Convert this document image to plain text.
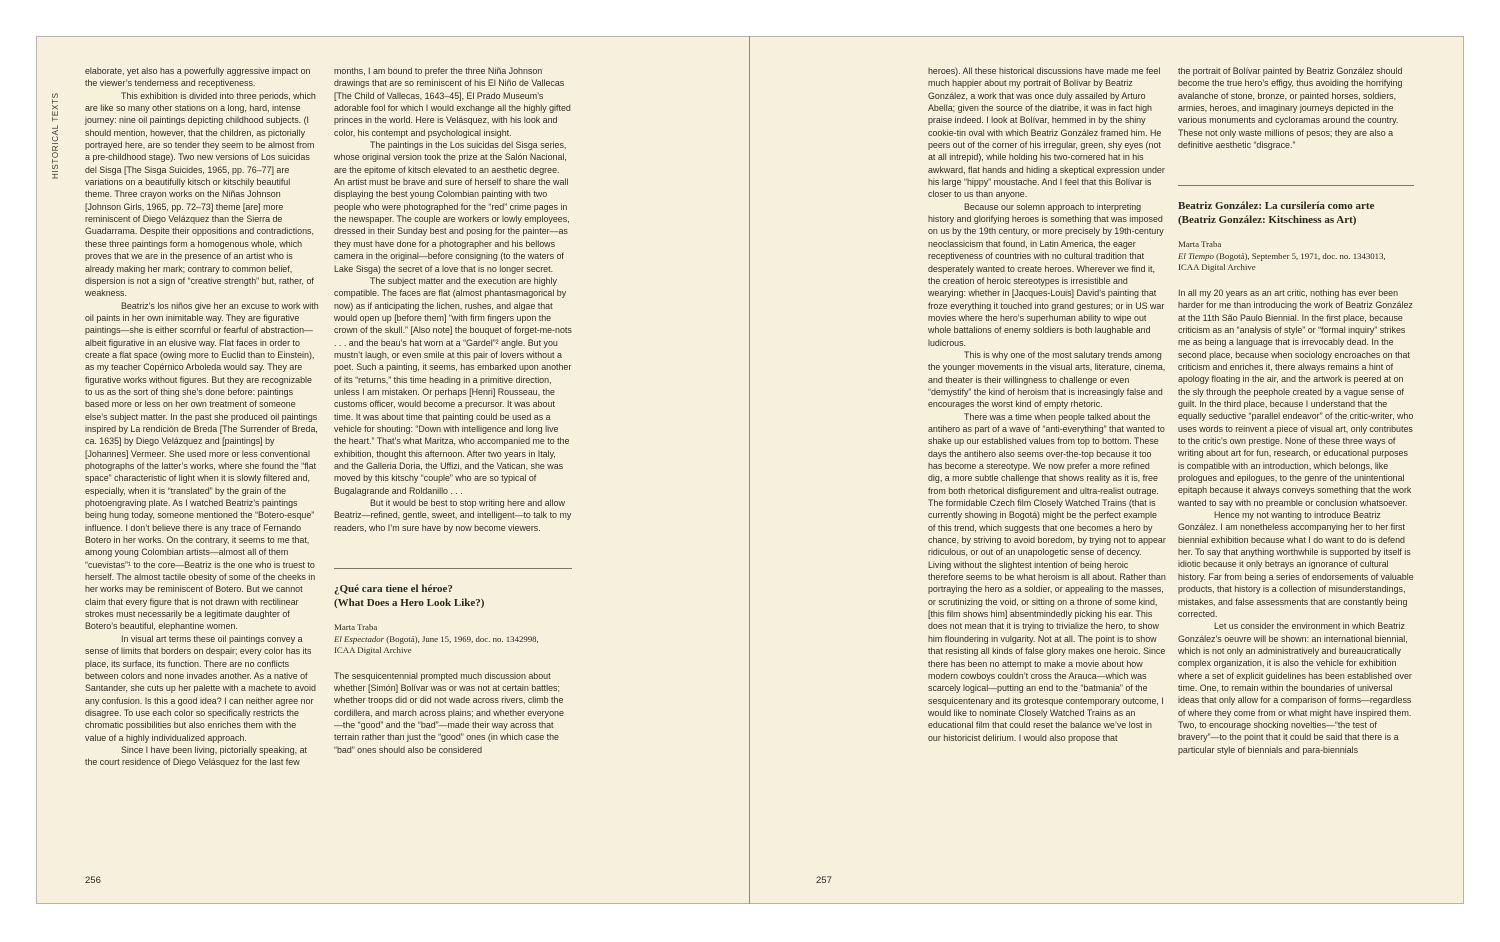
HISTORICAL TEXTS

elaborate, yet also has a powerfully aggressive impact on the viewer’s tenderness and receptiveness.

This exhibition is divided into three periods, which are like so many other stations on a long, hard, intense journey: nine oil paintings depicting childhood subjects. (I should mention, however, that the children, as pictorially portrayed here, are so tender they seem to be almost from a pre-childhood stage). Two new versions of Los suicidas del Sisga [The Sisga Suicides, 1965, pp. 76–77] are variations on a beautifully kitsch or kitschily beautiful theme. Three crayon works on the Niñas Johnson [Johnson Girls, 1965, pp. 72–73] theme [are] more reminiscent of Diego Velázquez than the Sierra de Guadarrama. Despite their oppositions and contradictions, these three paintings form a homogenous whole, which proves that we are in the presence of an artist who is already making her mark; contrary to common belief, dispersion is not a sign of “creative strength” but, rather, of weakness.

Beatriz’s los niños give her an excuse to work with oil paints in her own inimitable way. They are figurative paintings—she is either scornful or fearful of abstraction—albeit figurative in an elusive way. Flat faces in order to create a flat space (owing more to Euclid than to Einstein), as my teacher Copérnico Arboleda would say. They are figurative works without figures. But they are recognizable to us as the sort of thing she’s done before: paintings based more or less on her own treatment of someone else’s subject matter. In the past she produced oil paintings inspired by La rendición de Breda [The Surrender of Breda, ca. 1635] by Diego Velázquez and [paintings] by [Johannes] Vermeer. She used more or less conventional photographs of the latter’s works, where she found the “flat space” characteristic of light when it is slowly filtered and, especially, when it is “translated” by the grain of the photoengraving plate. As I watched Beatriz’s paintings being hung today, someone mentioned the “Botero-esque” influence. I don’t believe there is any trace of Fernando Botero in her works. On the contrary, it seems to me that, among young Colombian artists—almost all of them “cuevistas”¹ to the core—Beatriz is the one who is truest to herself. The almost tactile obesity of some of the cheeks in her works may be reminiscent of Botero. But we cannot claim that every figure that is not drawn with rectilinear strokes must necessarily be a legitimate daughter of Botero’s beautiful, elephantine women.

In visual art terms these oil paintings convey a sense of limits that borders on despair; every color has its place, its surface, its function. There are no conflicts between colors and none invades another. As a native of Santander, she cuts up her palette with a machete to avoid any confusion. Is this a good idea? I can neither agree nor disagree. To use each color so specifically restricts the chromatic possibilities but also enriches them with the value of a highly individualized approach.

Since I have been living, pictorially speaking, at the court residence of Diego Velásquez for the last few

months, I am bound to prefer the three Niña Johnson drawings that are so reminiscent of his El Niño de Vallecas [The Child of Vallecas, 1643–45], El Prado Museum’s adorable fool for which I would exchange all the highly gifted princes in the world. Here is Velásquez, with his look and color, his contempt and psychological insight.

The paintings in the Los suicidas del Sisga series, whose original version took the prize at the Salón Nacional, are the epitome of kitsch elevated to an aesthetic degree. An artist must be brave and sure of herself to share the wall displaying the best young Colombian painting with two people who were photographed for the “red” crime pages in the newspaper. The couple are workers or lowly employees, dressed in their Sunday best and posing for the painter—as they must have done for a photographer and his bellows camera in the original—before consigning (to the waters of Lake Sisga) the secret of a love that is no longer secret.

The subject matter and the execution are highly compatible. The faces are flat (almost phantasmagorical by now) as if anticipating the lichen, rushes, and algae that would open up [before them] “with firm fingers upon the crown of the skull.” [Also note] the bouquet of forget-me-nots . . . and the beau’s hat worn at a “Gardel”² angle. But you mustn’t laugh, or even smile at this pair of lovers without a poet. Such a painting, it seems, has embarked upon another of its “returns,” this time heading in a primitive direction, unless I am mistaken. Or perhaps [Henri] Rousseau, the customs officer, would become a precursor. It was about time. It was about time that painting could be used as a vehicle for shouting: “Down with intelligence and long live the heart.” That’s what Maritza, who accompanied me to the exhibition, thought this afternoon. After two years in Italy, and the Galleria Doria, the Uffizi, and the Vatican, she was moved by this kitschy “couple” who are so typical of Bugalagrande and Roldanillo . . .

But it would be best to stop writing here and allow Beatriz—refined, gentle, sweet, and intelligent—to talk to my readers, who I’m sure have by now become viewers.

¿Qué cara tiene el héroe?
(What Does a Hero Look Like?)
Marta Traba
El Espectador (Bogotá), June 15, 1969, doc. no. 1342998,
ICAA Digital Archive

The sesquicentennial prompted much discussion about whether [Simón] Bolívar was or was not at certain battles; whether troops did or did not wade across rivers, climb the cordillera, and march across plains; and whether everyone—the “good” and the “bad”—made their way across that terrain rather than just the “good” ones (in which case the “bad” ones should also be considered

256

heroes). All these historical discussions have made me feel much happier about my portrait of Bolívar by Beatriz González, a work that was once duly assailed by Arturo Abella; given the source of the diatribe, it was in fact high praise indeed. I look at Bolívar, hemmed in by the shiny cookie-tin oval with which Beatriz González framed him. He peers out of the corner of his irregular, green, shy eyes (not at all intrepid), while holding his two-cornered hat in his awkward, flat hands and hiding a skeptical expression under his large “hippy” moustache. And I feel that this Bolívar is closer to us than anyone.

Because our solemn approach to interpreting history and glorifying heroes is something that was imposed on us by the 19th century, or more precisely by 19th-century neoclassicism that found, in Latin America, the eager receptiveness of countries with no cultural tradition that desperately wanted to create heroes. Wherever we find it, the creation of heroic stereotypes is irresistible and wearying: whether in [Jacques-Louis] David’s painting that froze everything it touched into grand gestures; or in US war movies where the hero’s superhuman ability to wipe out whole battalions of enemy soldiers is both laughable and ludicrous.

This is why one of the most salutary trends among the younger movements in the visual arts, literature, cinema, and theater is their willingness to challenge or even “demystify” the kind of heroism that is increasingly false and encourages the worst kind of empty rhetoric.

There was a time when people talked about the antihero as part of a wave of “anti-everything” that wanted to shake up our established values from top to bottom. These days the antihero also seems over-the-top because it too has become a stereotype. We now prefer a more refined dig, a more subtle challenge that shows reality as it is, free from both rhetorical disfigurement and ultra-realist outrage. The formidable Czech film Closely Watched Trains (that is currently showing in Bogotá) might be the perfect example of this trend, which suggests that one becomes a hero by chance, by striving to avoid boredom, by trying not to appear ridiculous, or out of an unapologetic sense of decency. Living without the slightest intention of being heroic therefore seems to be what heroism is all about. Rather than portraying the hero as a soldier, or appealing to the masses, or scrutinizing the void, or sitting on a throne of some kind, [this film shows him] absentmindedly picking his ear. This does not mean that it is trying to trivialize the hero, to show him floundering in vulgarity. Not at all. The point is to show that resisting all kinds of false glory makes one heroic. Since there has been no attempt to make a movie about how modern cowboys couldn’t cross the Arauca—which was scarcely logical—putting an end to the “batmania” of the sesquicentenary and its grotesque contemporary outcome, I would like to nominate Closely Watched Trains as an educational film that could reset the balance we’ve lost in our historicist delirium. I would also propose that

the portrait of Bolívar painted by Beatriz González should become the true hero’s effigy, thus avoiding the horrifying avalanche of stone, bronze, or painted horses, soldiers, armies, heroes, and imaginary journeys depicted in the various monuments and cycloramas around the country. These not only waste millions of pesos; they are also a definitive aesthetic “disgrace.”

Beatriz González: La cursilería como arte
(Beatriz González: Kitschiness as Art)
Marta Traba
El Tiempo (Bogotá), September 5, 1971, doc. no. 1343013,
ICAA Digital Archive

In all my 20 years as an art critic, nothing has ever been harder for me than introducing the work of Beatriz González at the 11th São Paulo Biennial. In the first place, because criticism as an “analysis of style” or “formal inquiry” strikes me as being a language that is irrevocably dead. In the second place, because when sociology encroaches on that criticism and enriches it, there always remains a hint of apology floating in the air, and the artwork is peered at on the sly through the peephole created by a vague sense of guilt. In the third place, because I understand that the equally seductive “parallel endeavor” of the critic-writer, who uses words to reinvent a piece of visual art, only contributes to the critic’s own prestige. None of these three ways of writing about art for fun, research, or educational purposes is compatible with an introduction, which belongs, like prologues and epilogues, to the genre of the unintentional epitaph because it always conveys something that the work wanted to say with no preamble or conclusion whatsoever.

Hence my not wanting to introduce Beatriz González. I am nonetheless accompanying her to her first biennial exhibition because what I do want to do is defend her. To say that anything worthwhile is supported by itself is idiotic because it only betrays an ignorance of cultural history. Far from being a series of endorsements of valuable products, that history is a collection of misunderstandings, mistakes, and false assessments that are constantly being corrected.

Let us consider the environment in which Beatriz González’s oeuvre will be shown: an international biennial, which is not only an administratively and bureaucratically complex organization, it is also the vehicle for exhibition where a set of explicit guidelines has been established over time. One, to remain within the boundaries of universal ideas that only allow for a comparison of forms—regardless of where they come from or what might have inspired them. Two, to encourage shocking novelties—“the test of bravery”—to the point that it could be said that there is a particular style of biennials and para-biennials

257
